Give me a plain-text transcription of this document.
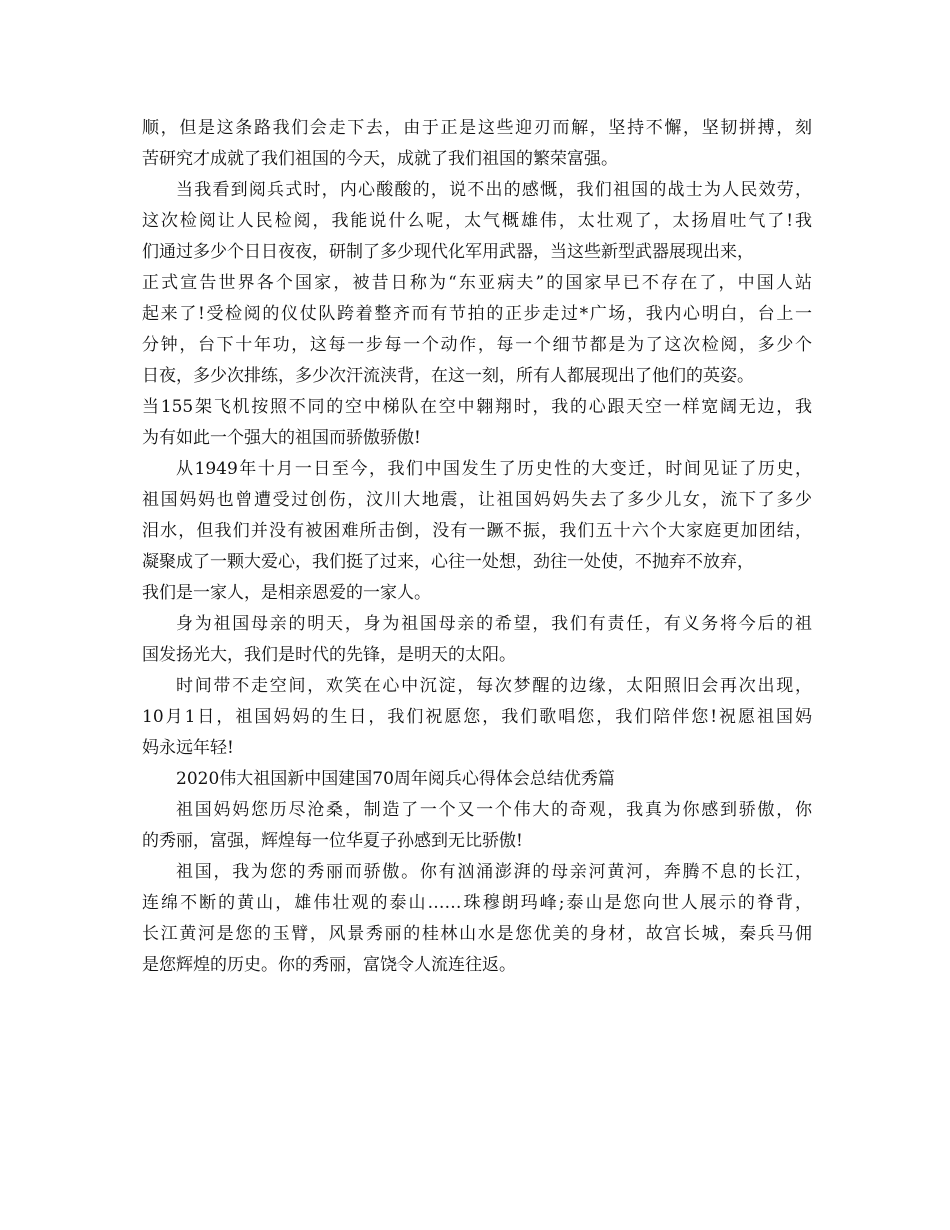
顺，但是这条路我们会走下去，由于正是这些迎刃而解，坚持不懈，坚韧拼搏，刻
苦研究才成就了我们祖国的今天，成就了我们祖国的繁荣富强。
当我看到阅兵式时，内心酸酸的，说不出的感慨，我们祖国的战士为人民效劳，
这次检阅让人民检阅，我能说什么呢，太气概雄伟，太壮观了，太扬眉吐气了!我
们通过多少个日日夜夜，研制了多少现代化军用武器，当这些新型武器展现出来，
正式宣告世界各个国家，被昔日称为“东亚病夫”的国家早已不存在了，中国人站
起来了!受检阅的仪仗队跨着整齐而有节拍的正步走过*广场，我内心明白，台上一
分钟，台下十年功，这每一步每一个动作，每一个细节都是为了这次检阅，多少个
日夜，多少次排练，多少次汗流浃背，在这一刻，所有人都展现出了他们的英姿。
当155架飞机按照不同的空中梯队在空中翱翔时，我的心跟天空一样宽阔无边，我
为有如此一个强大的祖国而骄傲骄傲!
从1949年十月一日至今，我们中国发生了历史性的大变迁，时间见证了历史，
祖国妈妈也曾遭受过创伤，汶川大地震，让祖国妈妈失去了多少儿女，流下了多少
泪水，但我们并没有被困难所击倒，没有一蹶不振，我们五十六个大家庭更加团结，
凝聚成了一颗大爱心，我们挺了过来，心往一处想，劲往一处使，不抛弃不放弃，
我们是一家人，是相亲恩爱的一家人。
身为祖国母亲的明天，身为祖国母亲的希望，我们有责任，有义务将今后的祖
国发扬光大，我们是时代的先锋，是明天的太阳。
时间带不走空间，欢笑在心中沉淀，每次梦醒的边缘，太阳照旧会再次出现，
10月1日，祖国妈妈的生日，我们祝愿您，我们歌唱您，我们陪伴您!祝愿祖国妈
妈永远年轻!
2020伟大祖国新中国建国70周年阅兵心得体会总结优秀篇
祖国妈妈您历尽沧桑，制造了一个又一个伟大的奇观，我真为你感到骄傲，你
的秀丽，富强，辉煌每一位华夏子孙感到无比骄傲!
祖国，我为您的秀丽而骄傲。你有汹涌澎湃的母亲河黄河，奔腾不息的长江，
连绵不断的黄山，雄伟壮观的泰山……珠穆朗玛峰;泰山是您向世人展示的脊背，
长江黄河是您的玉臂，风景秀丽的桂林山水是您优美的身材，故宫长城，秦兵马佣
是您辉煌的历史。你的秀丽，富饶令人流连往返。
